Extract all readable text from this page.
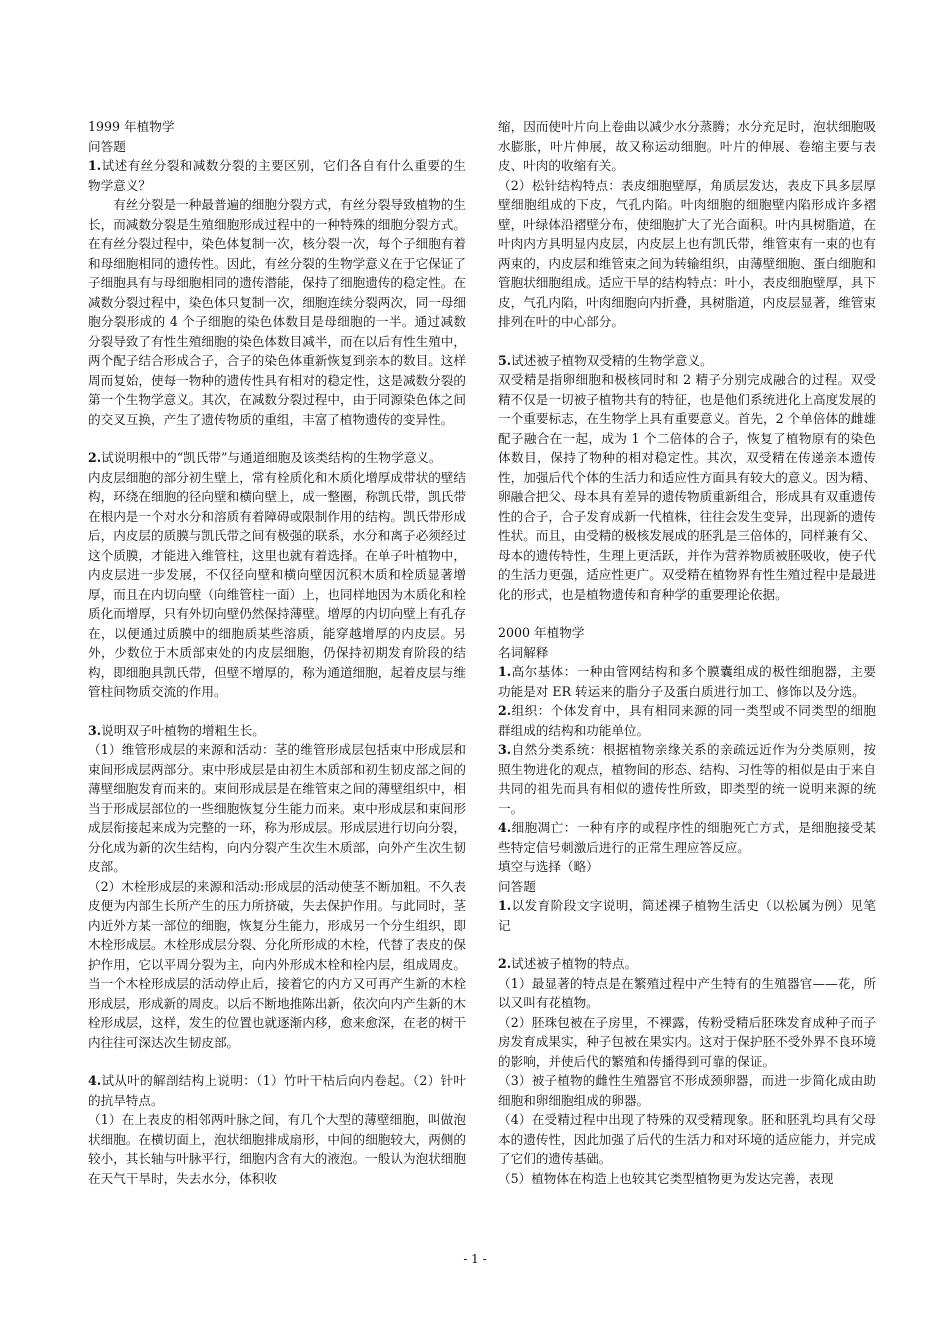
1999 年植物学

问答题

1.试述有丝分裂和减数分裂的主要区别，它们各自有什么重要的生物学意义？

有丝分裂是一种最普遍的细胞分裂方式，有丝分裂导致植物的生长，而减数分裂是生殖细胞形成过程中的一种特殊的细胞分裂方式。在有丝分裂过程中，染色体复制一次，核分裂一次，每个子细胞有着和母细胞相同的遗传性。因此，有丝分裂的生物学意义在于它保证了子细胞具有与母细胞相同的遗传潜能，保持了细胞遗传的稳定性。在减数分裂过程中，染色体只复制一次，细胞连续分裂两次，同一母细胞分裂形成的 4 个子细胞的染色体数目是母细胞的一半。通过减数分裂导致了有性生殖细胞的染色体数目减半，而在以后有性生殖中，两个配子结合形成合子，合子的染色体重新恢复到亲本的数目。这样周而复始，使每一物种的遗传性具有相对的稳定性，这是减数分裂的第一个生物学意义。其次，在减数分裂过程中，由于同源染色体之间的交叉互换，产生了遗传物质的重组，丰富了植物遗传的变异性。

2.试说明根中的“凯氏带”与通道细胞及该类结构的生物学意义。

内皮层细胞的部分初生壁上，常有栓质化和木质化增厚成带状的壁结构，环绕在细胞的径向壁和横向壁上，成一整圈，称凯氏带，凯氏带在根内是一个对水分和溶质有着障碍或限制作用的结构。凯氏带形成后，内皮层的质膜与凯氏带之间有极强的联系，水分和离子必须经过这个质膜，才能进入维管柱，这里也就有着选择。在单子叶植物中，内皮层进一步发展，不仅径向壁和横向壁因沉积木质和栓质显著增厚，而且在内切向壁（向维管柱一面）上，也同样地因为木质化和栓质化而增厚，只有外切向壁仍然保持薄壁。增厚的内切向壁上有孔存在，以便通过质膜中的细胞质某些溶质，能穿越增厚的内皮层。另外，少数位于木质部束处的内皮层细胞，仍保持初期发育阶段的结构，即细胞具凯氏带，但壁不增厚的，称为通道细胞，起着皮层与维管柱间物质交流的作用。

3.说明双子叶植物的增粗生长。

（1）维管形成层的来源和活动：茎的维管形成层包括束中形成层和束间形成层两部分。束中形成层是由初生木质部和初生韧皮部之间的薄壁细胞发育而来的。束间形成层是在维管束之间的薄壁组织中，相当于形成层部位的一些细胞恢复分生能力而来。束中形成层和束间形成层衔接起来成为完整的一环，称为形成层。形成层进行切向分裂，分化成为新的次生结构，向内分裂产生次生木质部，向外产生次生韧皮部。

（2）木栓形成层的来源和活动:形成层的活动使茎不断加粗。不久表皮便为内部生长所产生的压力所挤破，失去保护作用。与此同时，茎内近外方某一部位的细胞，恢复分生能力，形成另一个分生组织，即木栓形成层。木栓形成层分裂、分化所形成的木栓，代替了表皮的保护作用，它以平周分裂为主，向内外形成木栓和栓内层，组成周皮。当一个木栓形成层的活动停止后，接着它的内方又可再产生新的木栓形成层，形成新的周皮。以后不断地推陈出新，依次向内产生新的木栓形成层，这样，发生的位置也就逐渐内移，愈来愈深，在老的树干内往往可深达次生韧皮部。

4.试从叶的解剖结构上说明：（1）竹叶干枯后向内卷起。（2）针叶的抗旱特点。

（1）在上表皮的相邻两叶脉之间，有几个大型的薄壁细胞，叫做泡状细胞。在横切面上，泡状细胞排成扇形，中间的细胞较大，两侧的较小，其长轴与叶脉平行，细胞内含有大的液泡。一般认为泡状细胞在天气干旱时，失去水分，体积收

缩，因而使叶片向上卷曲以减少水分蒸腾；水分充足时，泡状细胞吸水膨胀，叶片伸展，故又称运动细胞。叶片的伸展、卷缩主要与表皮、叶肉的收缩有关。

（2）松针结构特点：表皮细胞壁厚，角质层发达，表皮下具多层厚壁细胞组成的下皮，气孔内陷。叶肉细胞的细胞壁内陷形成许多褶壁，叶绿体沿褶壁分布，使细胞扩大了光合面积。叶内具树脂道，在叶肉内方具明显内皮层，内皮层上也有凯氏带，维管束有一束的也有两束的，内皮层和维管束之间为转输组织，由薄壁细胞、蛋白细胞和管胞状细胞组成。适应干旱的结构特点：叶小，表皮细胞壁厚，具下皮，气孔内陷，叶肉细胞向内折叠，具树脂道，内皮层显著，维管束排列在叶的中心部分。

5.试述被子植物双受精的生物学意义。

双受精是指卵细胞和极核同时和 2 精子分别完成融合的过程。双受精不仅是一切被子植物共有的特征，也是他们系统进化上高度发展的一个重要标志，在生物学上具有重要意义。首先，2 个单倍体的雌雄配子融合在一起，成为 1 个二倍体的合子，恢复了植物原有的染色体数目，保持了物种的相对稳定性。其次，双受精在传递亲本遗传性，加强后代个体的生活力和适应性方面具有较大的意义。因为精、卵融合把父、母本具有差异的遗传物质重新组合，形成具有双重遗传性的合子，合子发育成新一代植株，往往会发生变异，出现新的遗传性状。而且，由受精的极核发展成的胚乳是三倍体的，同样兼有父、母本的遗传特性，生理上更活跃，并作为营养物质被胚吸收，使子代的生活力更强，适应性更广。双受精在植物界有性生殖过程中是最进化的形式，也是植物遗传和育种学的重要理论依据。

2000 年植物学

名词解释

1.高尔基体：一种由管网结构和多个膜囊组成的极性细胞器，主要功能是对 ER 转运来的脂分子及蛋白质进行加工、修饰以及分选。

2.组织：个体发育中，具有相同来源的同一类型或不同类型的细胞群组成的结构和功能单位。

3.自然分类系统：根据植物亲缘关系的亲疏远近作为分类原则，按照生物进化的观点，植物间的形态、结构、习性等的相似是由于来自共同的祖先而具有相似的遗传性所致，即类型的统一说明来源的统一。

4.细胞凋亡：一种有序的或程序性的细胞死亡方式，是细胞接受某些特定信号刺激后进行的正常生理应答反应。

填空与选择（略）

问答题

1.以发育阶段文字说明，简述裸子植物生活史（以松属为例）见笔记

2.试述被子植物的特点。

（1）最显著的特点是在繁殖过程中产生特有的生殖器官——花，所以又叫有花植物。

（2）胚珠包被在子房里，不裸露，传粉受精后胚珠发育成种子而子房发育成果实，种子包被在果实内。这对于保护胚不受外界不良环境的影响，并使后代的繁殖和传播得到可靠的保证。

（3）被子植物的雌性生殖器官不形成颈卵器，而进一步简化成由助细胞和卵细胞组成的卵器。

（4）在受精过程中出现了特殊的双受精现象。胚和胚乳均具有父母本的遗传性，因此加强了后代的生活力和对环境的适应能力，并完成了它们的遗传基础。

（5）植物体在构造上也较其它类型植物更为发达完善，表现

- 1 -
